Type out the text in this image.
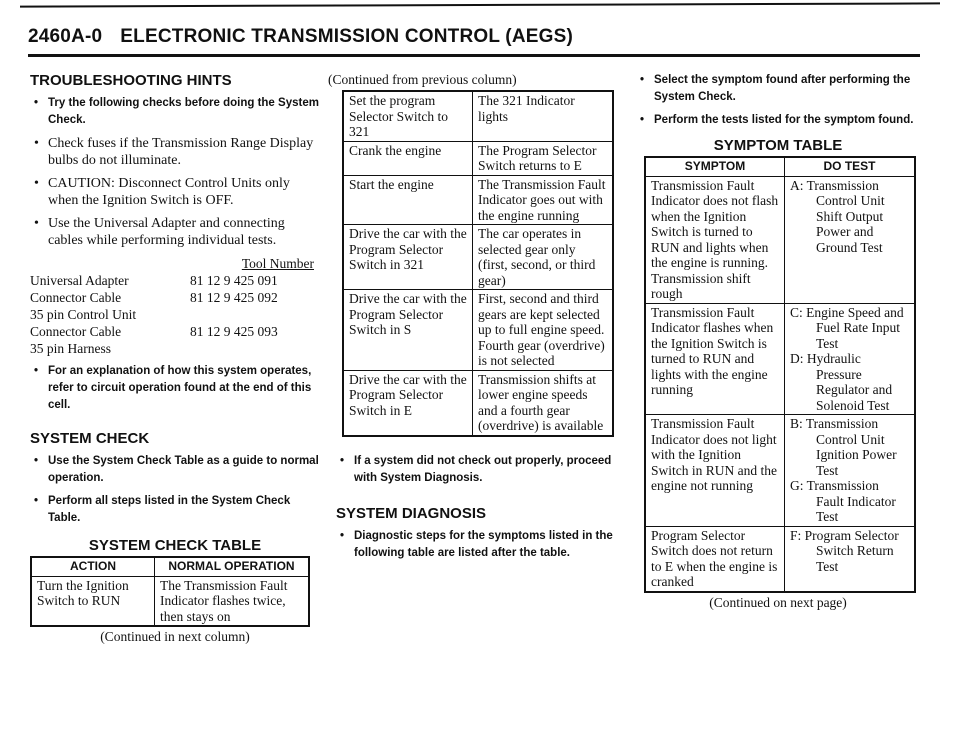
2460A-0 ELECTRONIC TRANSMISSION CONTROL (AEGS)
TROUBLESHOOTING HINTS
• Try the following checks before doing the System Check.
• Check fuses if the Transmission Range Display bulbs do not illuminate.
• CAUTION: Disconnect Control Units only when the Ignition Switch is OFF.
• Use the Universal Adapter and connecting cables while performing individual tests.
Tool Number
Universal Adapter	81 12 9 425 091
Connector Cable	81 12 9 425 092
35 pin Control Unit
Connector Cable	81 12 9 425 093
35 pin Harness
• For an explanation of how this system operates, refer to circuit operation found at the end of this cell.
SYSTEM CHECK
• Use the System Check Table as a guide to normal operation.
• Perform all steps listed in the System Check Table.
SYSTEM CHECK TABLE
ACTION	NORMAL OPERATION
Turn the Ignition Switch to RUN	The Transmission Fault Indicator flashes twice, then stays on
(Continued in next column)
(Continued from previous column)
Set the program Selector Switch to 321	The 321 Indicator lights
Crank the engine	The Program Selector Switch returns to E
Start the engine	The Transmission Fault Indicator goes out with the engine running
Drive the car with the Program Selector Switch in 321	The car operates in selected gear only (first, second, or third gear)
Drive the car with the Program Selector Switch in S	First, second and third gears are kept selected up to full engine speed. Fourth gear (overdrive) is not selected
Drive the car with the Program Selector Switch in E	Transmission shifts at lower engine speeds and a fourth gear (overdrive) is available
• If a system did not check out properly, proceed with System Diagnosis.
SYSTEM DIAGNOSIS
• Diagnostic steps for the symptoms listed in the following table are listed after the table.
• Select the symptom found after performing the System Check.
• Perform the tests listed for the symptom found.
SYMPTOM TABLE
SYMPTOM	DO TEST
Transmission Fault Indicator does not flash when the Ignition Switch is turned to RUN and lights when the engine is running. Transmission shift rough	A: Transmission
Control Unit Shift Output Power and Ground Test

Transmission Fault Indicator flashes when the Ignition Switch is turned to RUN and lights with the engine running	C: Engine Speed and
Fuel Rate Input Test
D: Hydraulic
Pressure Regulator and Solenoid Test

Transmission Fault Indicator does not light with the Ignition Switch in RUN and the engine not running	B: Transmission
Control Unit Ignition Power Test
G: Transmission
Fault Indicator Test

Program Selector Switch does not return to E when the engine is cranked	F: Program Selector
Switch Return Test
(Continued on next page)
